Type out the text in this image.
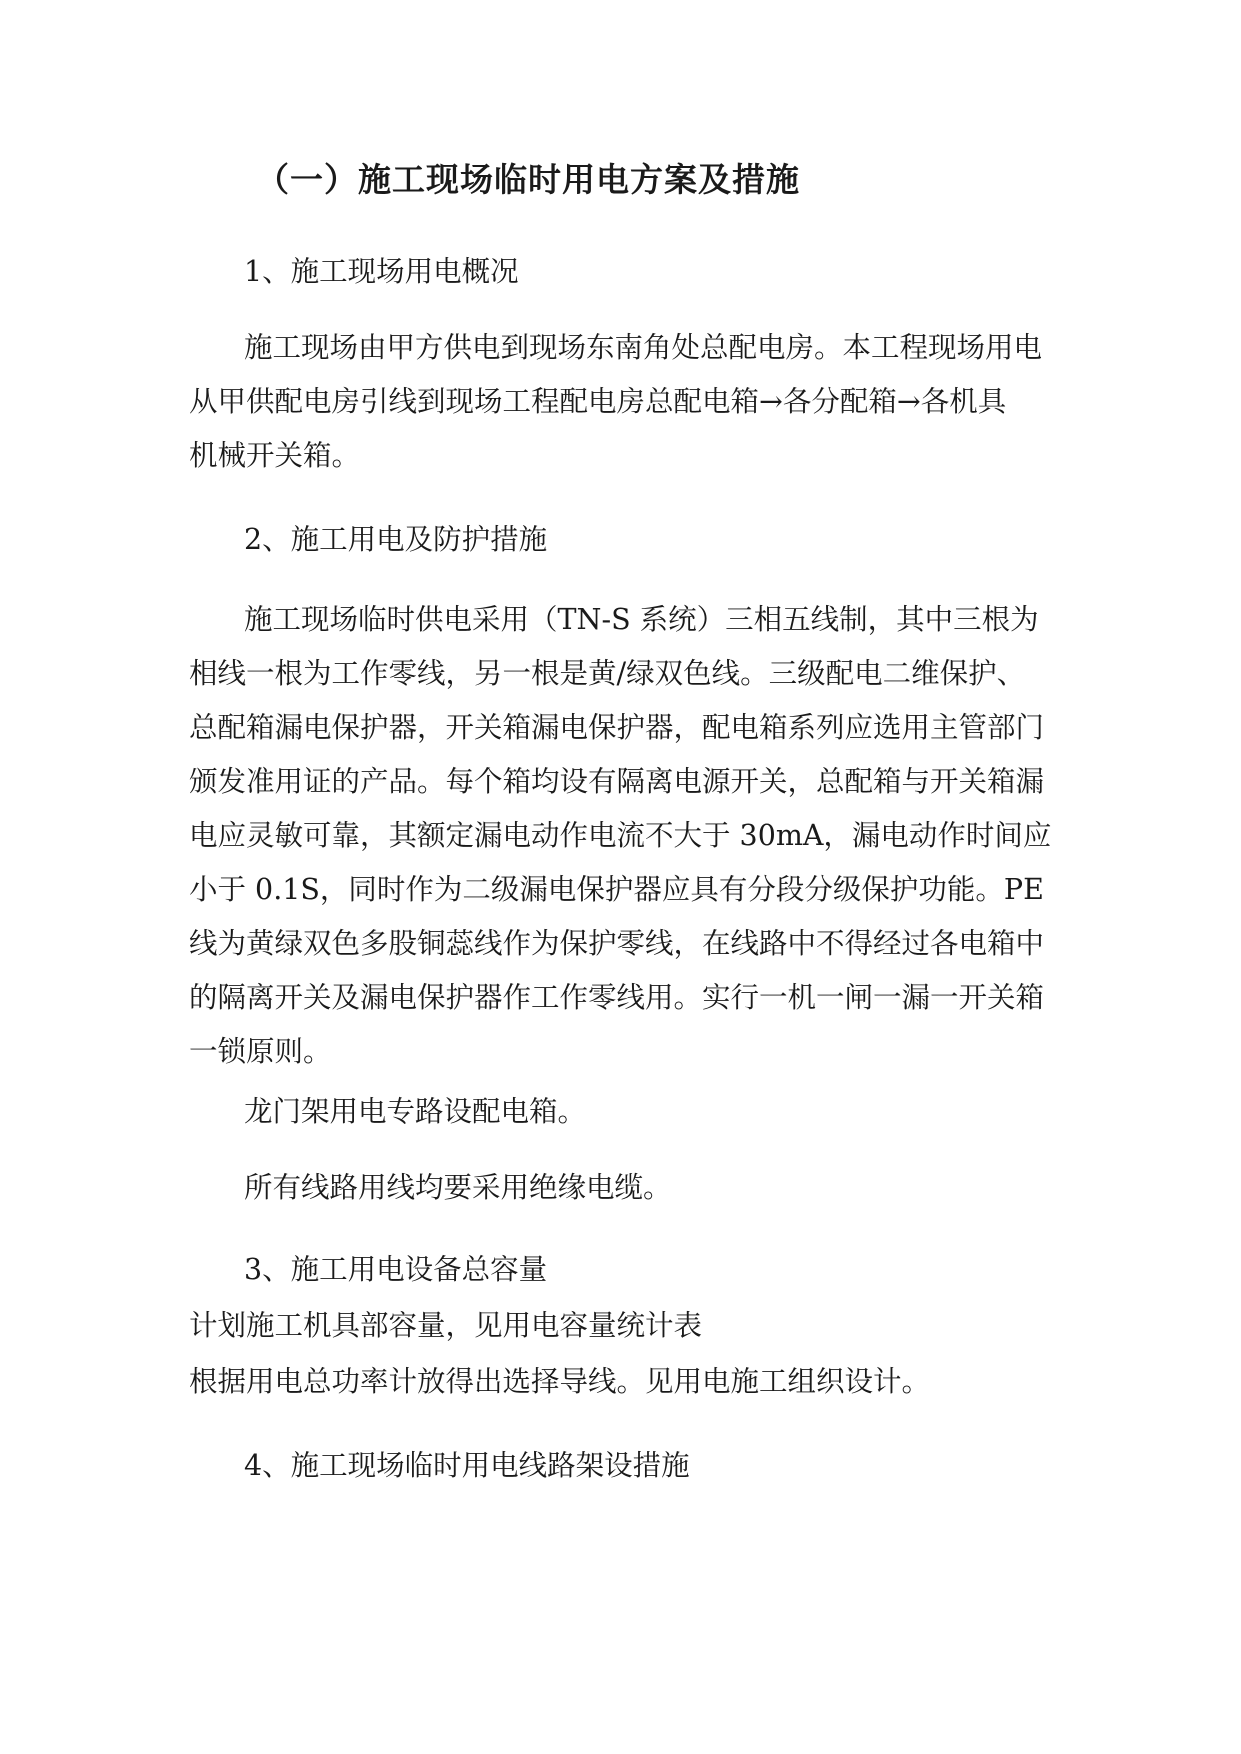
（一）施工现场临时用电方案及措施

1、施工现场用电概况

施工现场由甲方供电到现场东南角处总配电房。本工程现场用电

从甲供配电房引线到现场工程配电房总配电箱→各分配箱→各机具

机械开关箱。

2、施工用电及防护措施

施工现场临时供电采用（TN-S 系统）三相五线制，其中三根为

相线一根为工作零线，另一根是黄/绿双色线。三级配电二维保护、

总配箱漏电保护器，开关箱漏电保护器，配电箱系列应选用主管部门

颁发准用证的产品。每个箱均设有隔离电源开关，总配箱与开关箱漏

电应灵敏可靠，其额定漏电动作电流不大于 30mA，漏电动作时间应

小于 0.1S，同时作为二级漏电保护器应具有分段分级保护功能。PE

线为黄绿双色多股铜蕊线作为保护零线，在线路中不得经过各电箱中

的隔离开关及漏电保护器作工作零线用。实行一机一闸一漏一开关箱

一锁原则。

龙门架用电专路设配电箱。

所有线路用线均要采用绝缘电缆。

3、施工用电设备总容量

计划施工机具部容量，见用电容量统计表

根据用电总功率计放得出选择导线。见用电施工组织设计。

4、施工现场临时用电线路架设措施
